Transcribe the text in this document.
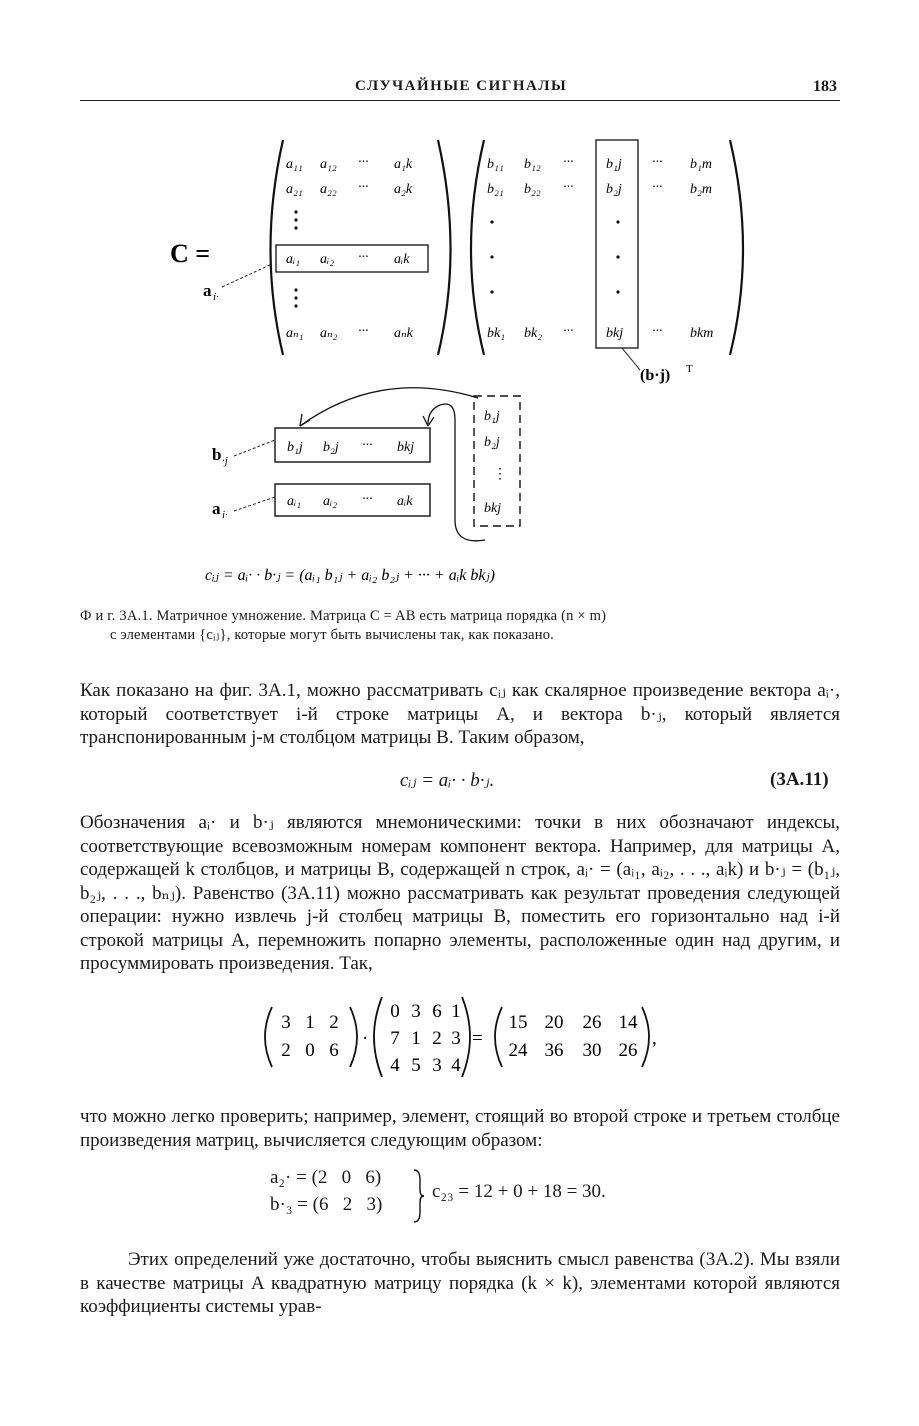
СЛУЧАЙНЫЕ СИГНАЛЫ	183
C =
a i·
a₁₁ a₁₂ ··· a₁k
a₂₁ a₂₂ ··· a₂k
aᵢ₁ aᵢ₂ ··· aᵢk
aₙ₁ aₙ₂ ··· aₙk
b₁₁ b₁₂ ··· b₁j ··· b₁m
b₂₁ b₂₂ ··· b₂j ··· b₂m
bk₁ bk₂ ··· bkj ··· bkm
(b·j) T
b₁j
b₂j
⋮
bkj
b₁j b₂j ··· bkj
aᵢ₁ aᵢ₂ ··· aᵢk
b ·j
a i·
cᵢⱼ = aᵢ· · b·ⱼ = (aᵢ₁ b₁ⱼ + aᵢ₂ b₂ⱼ + ··· + aᵢk bkⱼ)
Ф и г. 3А.1. Матричное умножение. Матрица C = AB есть матрица порядка (n × m)
с элементами {cᵢⱼ}, которые могут быть вычислены так, как показано.
Как показано на фиг. 3А.1, можно рассматривать cᵢⱼ как скалярное произведение вектора aᵢ·, который соответствует i-й строке матрицы A, и вектора b·ⱼ, который является транспонированным j-м столбцом матрицы B. Таким образом,
cᵢⱼ = aᵢ· · b·ⱼ.	(3А.11)
Обозначения aᵢ· и b·ⱼ являются мнемоническими: точки в них обозначают индексы, соответствующие всевозможным номерам компонент вектора. Например, для матрицы A, содержащей k столбцов, и матрицы B, содержащей n строк, aᵢ· = (aᵢ₁, aᵢ₂, . . ., aᵢk) и b·ⱼ = (b₁ⱼ, b₂ⱼ, . . ., bₙⱼ). Равенство (3А.11) можно рассматривать как результат проведения следующей операции: нужно извлечь j-й столбец матрицы B, поместить его горизонтально над i-й строкой матрицы A, перемножить попарно элементы, расположенные один над другим, и просуммировать произведения. Так,
3 1 2
2 0 6
·
0 3 6 1
7 1 2 3
4 5 3 4
=
15 20 26 14
24 36 30 26
,
что можно легко проверить; например, элемент, стоящий во второй строке и третьем столбце произведения матриц, вычисляется следующим образом:
a₂· = (2   0   6)
b·₃ = (6   2   3)
c₂₃ = 12 + 0 + 18 = 30.
Этих определений уже достаточно, чтобы выяснить смысл равенства (3А.2). Мы взяли в качестве матрицы A квадратную матрицу порядка (k × k), элементами которой являются коэффициенты системы урав-
